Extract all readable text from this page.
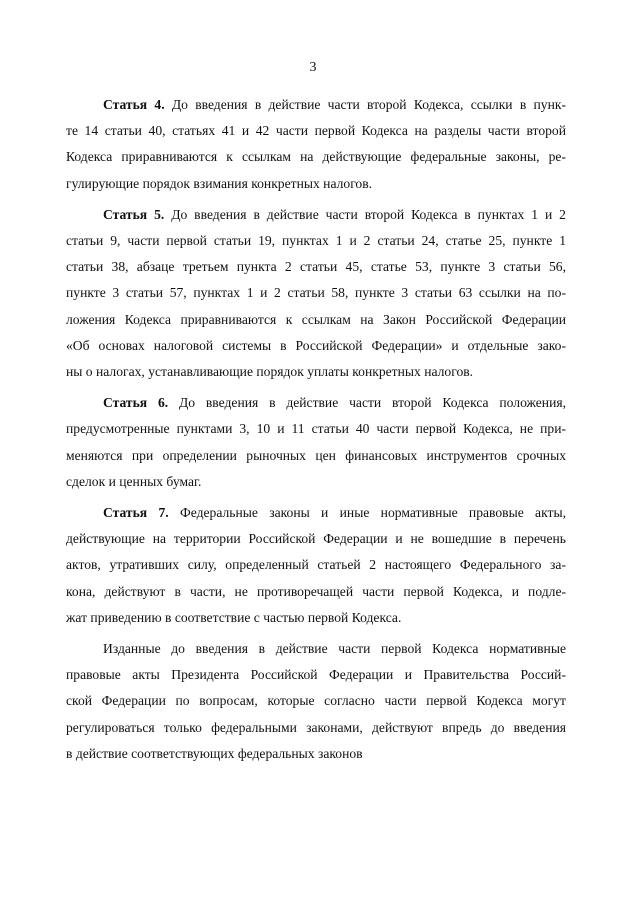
3
Статья 4. До введения в действие части второй Кодекса, ссылки в пунк-
те 14 статьи 40, статьях 41 и 42 части первой Кодекса на разделы части второй
Кодекса приравниваются к ссылкам на действующие федеральные законы, ре-
гулирующие порядок взимания конкретных налогов.
Статья 5. До введения в действие части второй Кодекса в пунктах 1 и 2
статьи 9, части первой статьи 19, пунктах 1 и 2 статьи 24, статье 25, пункте 1
статьи 38, абзаце третьем пункта 2 статьи 45, статье 53, пункте 3 статьи 56,
пункте 3 статьи 57, пунктах 1 и 2 статьи 58, пункте 3 статьи 63 ссылки на по-
ложения Кодекса приравниваются к ссылкам на Закон Российской Федерации
«Об основах налоговой системы в Российской Федерации» и отдельные зако-
ны о налогах, устанавливающие порядок уплаты конкретных налогов.
Статья 6. До введения в действие части второй Кодекса положения,
предусмотренные пунктами 3, 10 и 11 статьи 40 части первой Кодекса, не при-
меняются при определении рыночных цен финансовых инструментов срочных
сделок и ценных бумаг.
Статья 7. Федеральные законы и иные нормативные правовые акты,
действующие на территории Российской Федерации и не вошедшие в перечень
актов, утративших силу, определенный статьей 2 настоящего Федерального за-
кона, действуют в части, не противоречащей части первой Кодекса, и подле-
жат приведению в соответствие с частью первой Кодекса.
Изданные до введения в действие части первой Кодекса нормативные
правовые акты Президента Российской Федерации и Правительства Россий-
ской Федерации по вопросам, которые согласно части первой Кодекса могут
регулироваться только федеральными законами, действуют впредь до введения
в действие соответствующих федеральных законов
